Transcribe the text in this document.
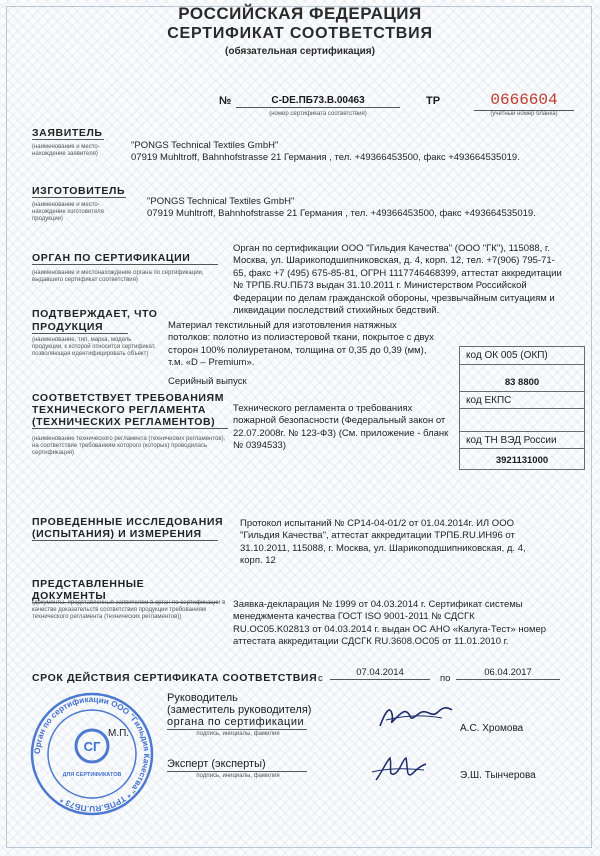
РОССИЙСКАЯ ФЕДЕРАЦИЯ
СЕРТИФИКАТ СООТВЕТСТВИЯ
(обязательная сертификация)
№	C-DE.ПБ73.В.00463
(номер сертификата соответствия)
ТР	0666604
(учетный номер бланка)
ЗАЯВИТЕЛЬ
(наименование и место-нахождение заявителя)
"PONGS Technical Textiles GmbH"
07919 Muhltroff, Bahnhofstrasse 21 Германия , тел. +49366453500, факс +493664535019.
ИЗГОТОВИТЕЛЬ
(наименование и место-нахождение изготовителя продукции)
"PONGS Technical Textiles GmbH"
07919 Muhltroff, Bahnhofstrasse 21 Германия , тел. +49366453500, факс +493664535019.
ОРГАН ПО СЕРТИФИКАЦИИ
(наименование и местонахождение органа по сертификации, выдавшего сертификат соответствия)
Орган по сертификации ООО "Гильдия Качества" (ООО "ГК"), 115088, г.
Москва, ул. Шарикоподшипниковская, д. 4, корп. 12, тел. +7(906) 795-71-
65, факс +7 (495) 675-85-81, ОГРН 1117746468399, аттестат аккредитации
№ ТРПБ.RU.ПБ73 выдан 31.10.2011 г. Министерством Российской
Федерации по делам гражданской обороны, чрезвычайным ситуациям и
ликвидации последствий стихийных бедствий.
ПОДТВЕРЖДАЕТ, ЧТО
ПРОДУКЦИЯ
(наименование, тип, марка, модель продукции, к которой относится сертификат, позволяющая идентифицировать объект)
Материал текстильный для изготовления натяжных
потолков: полотно из полиэстеровой ткани, покрытое с двух
сторон 100% полиуретаном, толщина от 0,35 до 0,39 (мм),
т.м. «D – Premium».
Серийный выпуск
код ОК 005 (ОКП)
83 8800
код ЕКПС
код ТН ВЭД России
3921131000
СООТВЕТСТВУЕТ ТРЕБОВАНИЯМ
ТЕХНИЧЕСКОГО РЕГЛАМЕНТА
(ТЕХНИЧЕСКИХ РЕГЛАМЕНТОВ)
(наименование технического регламента (технических регламентов), на соответствие требованиям которого (которых) проводилась сертификация)
Технического регламента о требованиях
пожарной безопасности (Федеральный закон от
22.07.2008г. № 123-ФЗ) (См. приложение - бланк
№ 0394533)
ПРОВЕДЕННЫЕ ИССЛЕДОВАНИЯ
(ИСПЫТАНИЯ) И ИЗМЕРЕНИЯ
Протокол испытаний № СР14-04-01/2 от 01.04.2014г. ИЛ ООО
"Гильдия Качества", аттестат аккредитации ТРПБ.RU.ИН96 от
31.10.2011, 115088, г. Москва, ул. Шарикоподшипниковская, д. 4,
корп. 12
ПРЕДСТАВЛЕННЫЕ ДОКУМЕНТЫ
(документы, представленные заявителем в орган по сертификации в качестве доказательств соответствия продукции требованиям технического регламента (технических регламентов))
Заявка-декларация № 1999 от 04.03.2014 г. Сертификат системы
менеджмента качества ГОСТ ISO 9001-2011 № СДСГК
RU.OC05.K02813 от 04.03.2014 г. выдан ОС АНО «Калуга-Тест» номер
аттестата аккредитации СДСГК RU.3608.OC05 от 11.01.2010 г.
СРОК ДЕЙСТВИЯ СЕРТИФИКАТА СООТВЕТСТВИЯ с
07.04.2014
по
06.04.2017
Руководитель
(заместитель руководителя)
органа по сертификации
подпись, инициалы, фамилия	А.С. Хромова
Эксперт (эксперты)
подпись, инициалы, фамилия	Э.Ш. Тынчерова
Орган по сертификации ООО "Гильдия Качества" * ТРПБ.RU.ПБ73 *
СГ
ДЛЯ СЕРТИФИКАТОВ
М.П.
